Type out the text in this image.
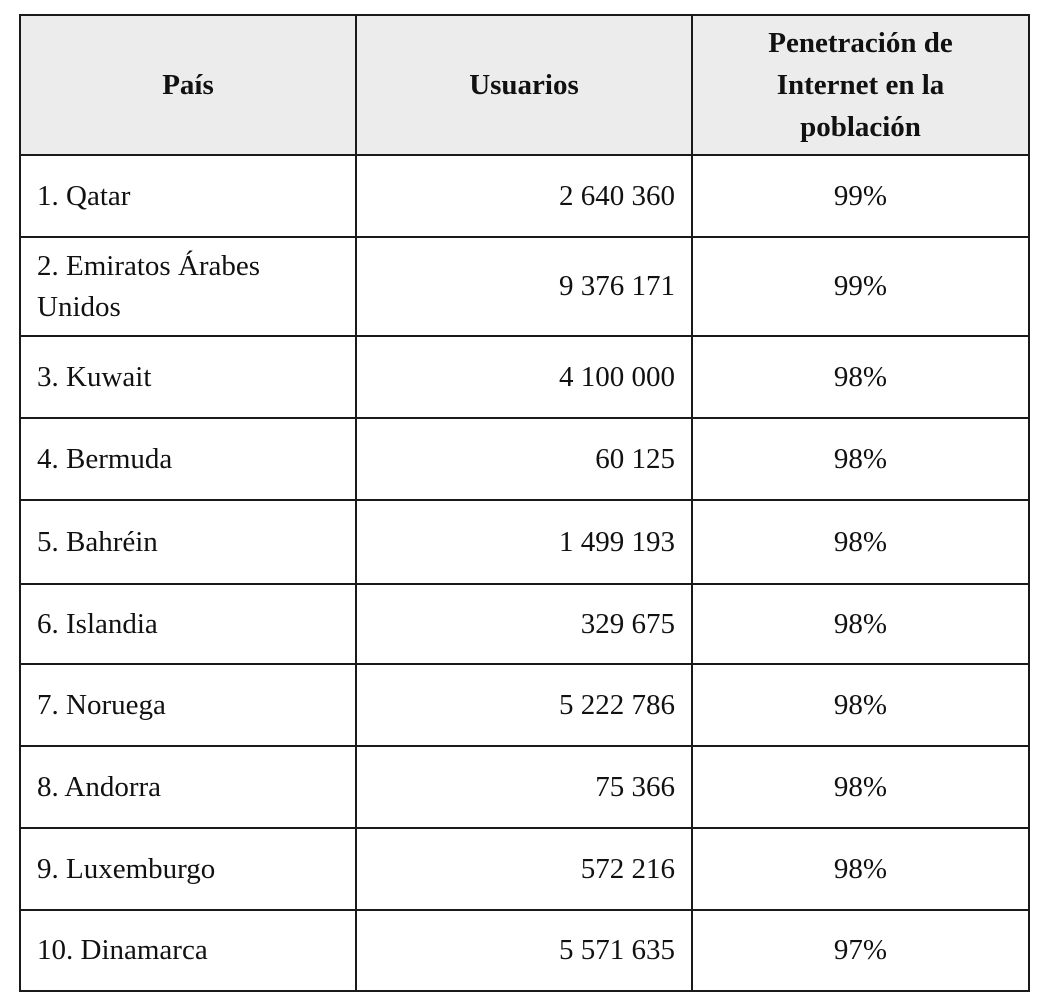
País	Usuarios	Penetración de Internet en la población
1. Qatar	2 640 360	99%
2. Emiratos Árabes Unidos	9 376 171	99%
3. Kuwait	4 100 000	98%
4. Bermuda	60 125	98%
5. Bahréin	1 499 193	98%
6. Islandia	329 675	98%
7. Noruega	5 222 786	98%
8. Andorra	75 366	98%
9. Luxemburgo	572 216	98%
10. Dinamarca	5 571 635	97%
